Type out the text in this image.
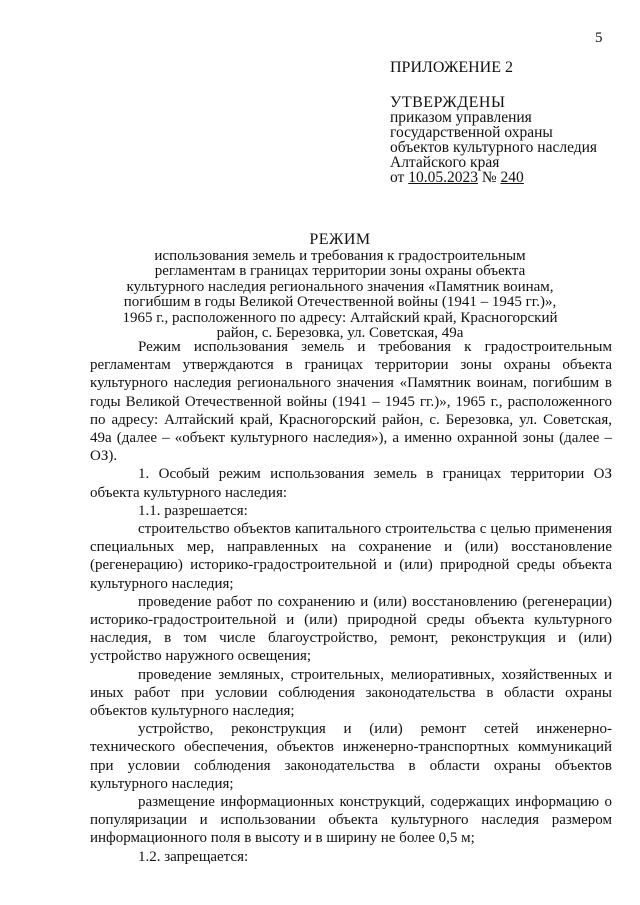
5
ПРИЛОЖЕНИЕ 2
УТВЕРЖДЕНЫ
приказом управления
государственной охраны
объектов культурного наследия
Алтайского края
от 10.05.2023 № 240
РЕЖИМ
использования земель и требования к градостроительным
регламентам в границах территории зоны охраны объекта
культурного наследия регионального значения «Памятник воинам,
погибшим в годы Великой Отечественной войны (1941 – 1945 гг.)»,
1965 г., расположенного по адресу: Алтайский край, Красногорский
район, с. Березовка, ул. Советская, 49а

Режим использования земель и требования к градостроительным регламентам утверждаются в границах территории зоны охраны объекта культурного наследия регионального значения «Памятник воинам, погибшим в годы Великой Отечественной войны (1941 – 1945 гг.)», 1965 г., расположенного по адресу: Алтайский край, Красногорский район, с. Березовка, ул. Советская, 49а (далее – «объект культурного наследия»), а именно охранной зоны (далее – ОЗ).

1. Особый режим использования земель в границах территории ОЗ объекта культурного наследия:

1.1. разрешается:

строительство объектов капитального строительства с целью применения специальных мер, направленных на сохранение и (или) восстановление (регенерацию) историко-градостроительной и (или) природной среды объекта культурного наследия;

проведение работ по сохранению и (или) восстановлению (регенерации) историко-градостроительной и (или) природной среды объекта культурного наследия, в том числе благоустройство, ремонт, реконструкция и (или) устройство наружного освещения;

проведение земляных, строительных, мелиоративных, хозяйственных и иных работ при условии соблюдения законодательства в области охраны объектов культурного наследия;

устройство, реконструкция и (или) ремонт сетей инженерно-технического обеспечения, объектов инженерно-транспортных коммуникаций при условии соблюдения законодательства в области охраны объектов культурного наследия;

размещение информационных конструкций, содержащих информацию о популяризации и использовании объекта культурного наследия размером информационного поля в высоту и в ширину не более 0,5 м;

1.2. запрещается:
